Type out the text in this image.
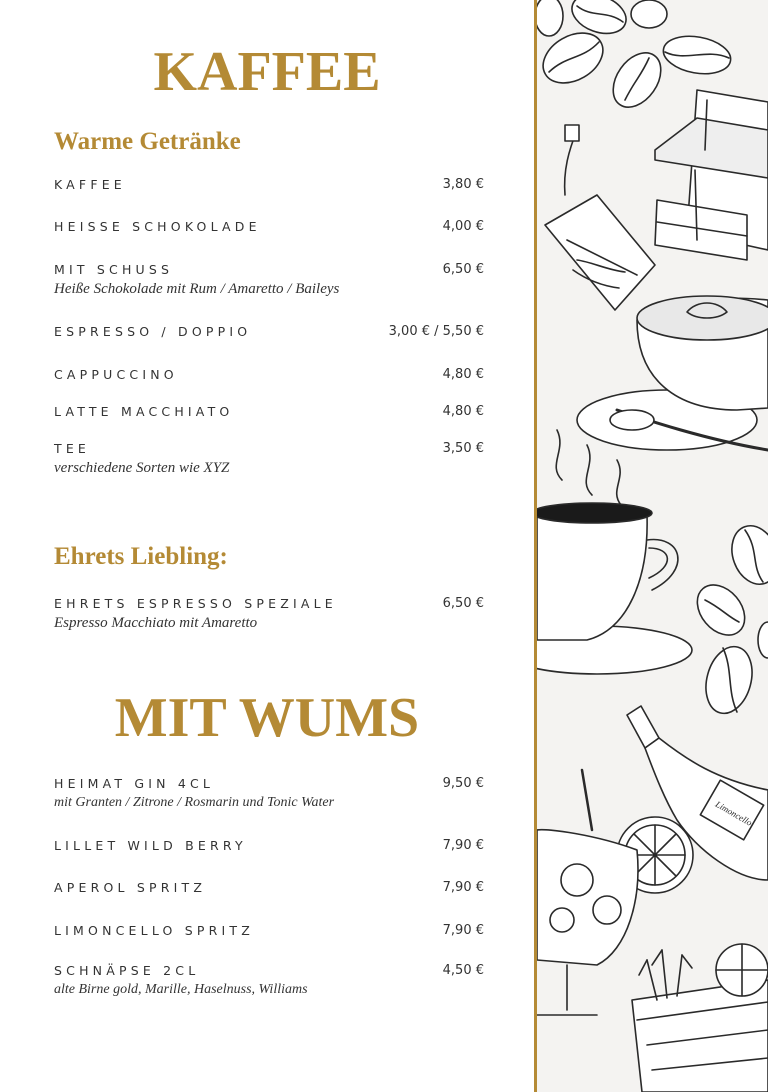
KAFFEE
Warme Getränke
KAFFEE	3,80 €
HEISSE SCHOKOLADE	4,00 €
MIT SCHUSS	6,50 €
Heiße Schokolade mit Rum / Amaretto / Baileys
ESPRESSO / DOPPIO	3,00 € / 5,50 €
CAPPUCCINO	4,80 €
LATTE MACCHIATO	4,80 €
TEE	3,50 €
verschiedene Sorten wie XYZ
Ehrets Liebling:
EHRETS ESPRESSO SPEZIALE	6,50 €
Espresso Macchiato mit Amaretto
MIT WUMS
HEIMAT GIN 4CL	9,50 €
mit Granten / Zitrone / Rosmarin und Tonic Water
LILLET WILD BERRY	7,90 €
APEROL SPRITZ	7,90 €
LIMONCELLO SPRITZ	7,90 €
SCHNÄPSE 2CL	4,50 €
alte Birne gold, Marille, Haselnuss, Williams
Limoncello
